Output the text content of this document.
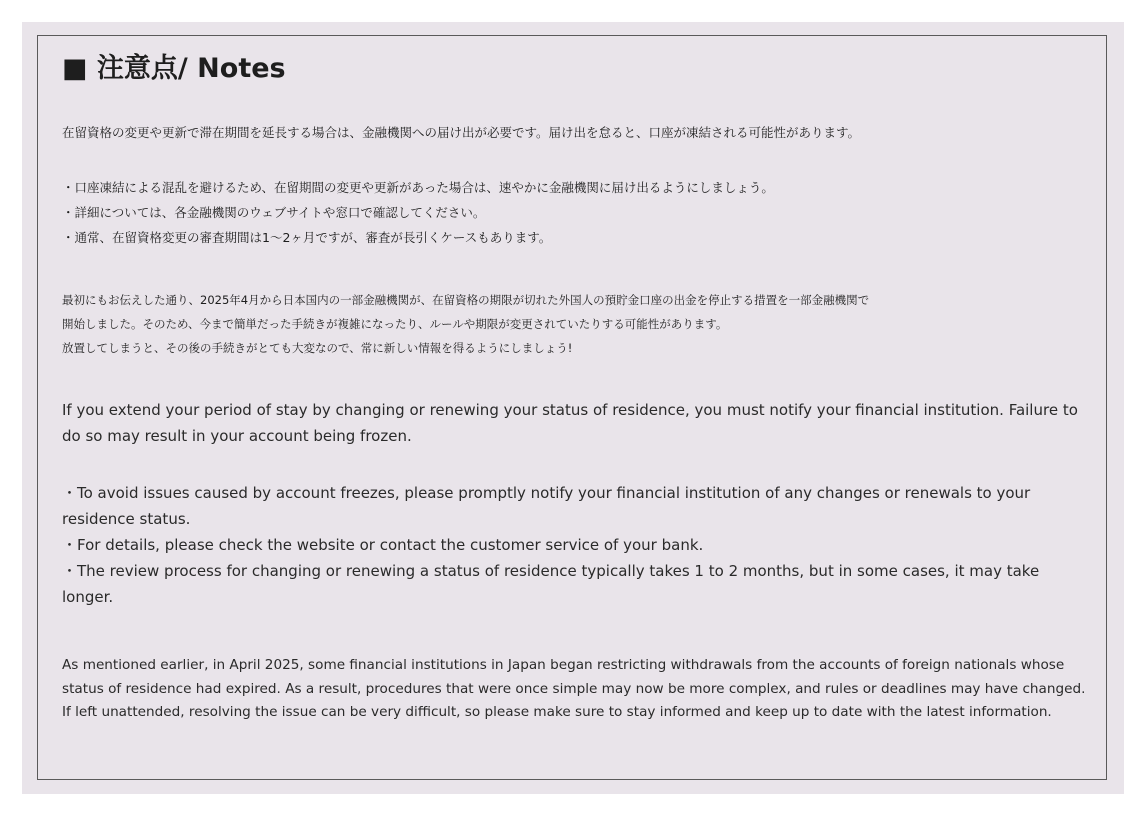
■ 注意点/ Notes
在留資格の変更や更新で滞在期間を延長する場合は、金融機関への届け出が必要です。届け出を怠ると、口座が凍結される可能性があります。
・口座凍結による混乱を避けるため、在留期間の変更や更新があった場合は、速やかに金融機関に届け出るようにしましょう。
・詳細については、各金融機関のウェブサイトや窓口で確認してください。
・通常、在留資格変更の審査期間は1～2ヶ月ですが、審査が長引くケースもあります。
最初にもお伝えした通り、2025年4月から日本国内の一部金融機関が、在留資格の期限が切れた外国人の預貯金口座の出金を停止する措置を一部金融機関で
開始しました。そのため、今まで簡単だった手続きが複雑になったり、ルールや期限が変更されていたりする可能性があります。
放置してしまうと、その後の手続きがとても大変なので、常に新しい情報を得るようにしましょう!
If you extend your period of stay by changing or renewing your status of residence, you must notify your financial institution. Failure to do so may result in your account being frozen.
・To avoid issues caused by account freezes, please promptly notify your financial institution of any changes or renewals to your residence status.
・For details, please check the website or contact the customer service of your bank.
・The review process for changing or renewing a status of residence typically takes 1 to 2 months, but in some cases, it may take longer.
As mentioned earlier, in April 2025, some financial institutions in Japan began restricting withdrawals from the accounts of foreign nationals whose status of residence had expired. As a result, procedures that were once simple may now be more complex, and rules or deadlines may have changed. If left unattended, resolving the issue can be very difficult, so please make sure to stay informed and keep up to date with the latest information.
